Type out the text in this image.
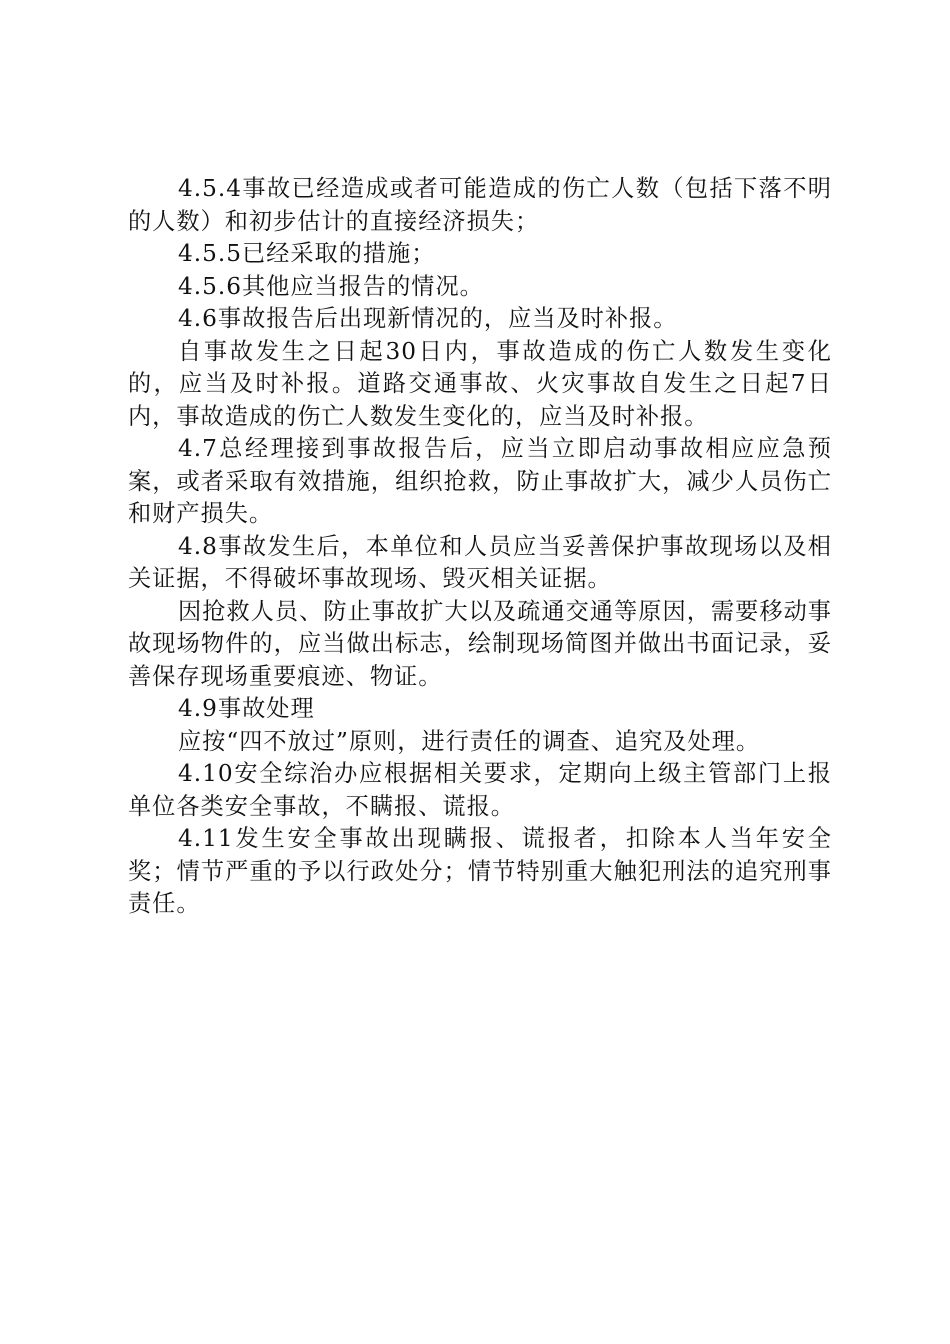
4.5.4事故已经造成或者可能造成的伤亡人数（包括下落不明的人数）和初步估计的直接经济损失；

4.5.5已经采取的措施；

4.5.6其他应当报告的情况。

4.6事故报告后出现新情况的，应当及时补报。

自事故发生之日起30日内，事故造成的伤亡人数发生变化的，应当及时补报。道路交通事故、火灾事故自发生之日起7日内，事故造成的伤亡人数发生变化的，应当及时补报。

4.7总经理接到事故报告后，应当立即启动事故相应应急预案，或者采取有效措施，组织抢救，防止事故扩大，减少人员伤亡和财产损失。

4.8事故发生后，本单位和人员应当妥善保护事故现场以及相关证据，不得破坏事故现场、毁灭相关证据。

因抢救人员、防止事故扩大以及疏通交通等原因，需要移动事故现场物件的，应当做出标志，绘制现场简图并做出书面记录，妥善保存现场重要痕迹、物证。

4.9事故处理

应按“四不放过”原则，进行责任的调查、追究及处理。

4.10安全综治办应根据相关要求，定期向上级主管部门上报单位各类安全事故，不瞒报、谎报。

4.11发生安全事故出现瞒报、谎报者，扣除本人当年安全奖；情节严重的予以行政处分；情节特别重大触犯刑法的追究刑事责任。
